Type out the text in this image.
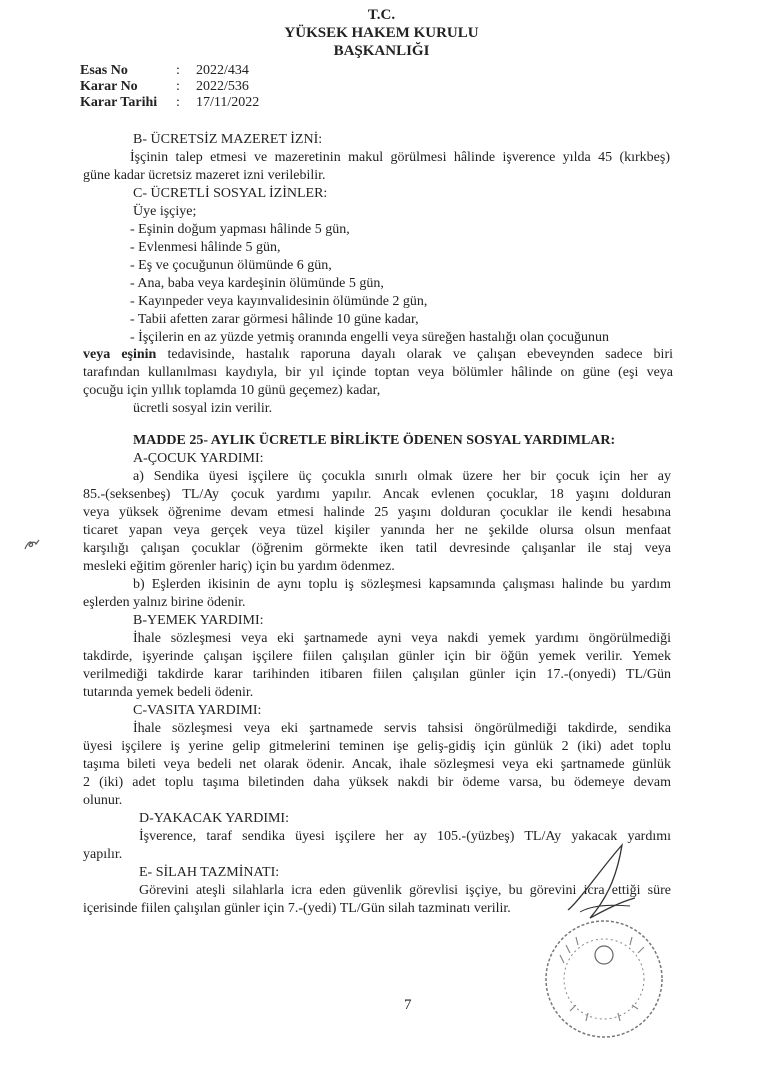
T.C.
YÜKSEK HAKEM KURULU
BAŞKANLIĞI
Esas No	: 2022/434
Karar No	: 2022/536
Karar Tarihi : 17/11/2022

B- ÜCRETSİZ MAZERET İZNİ:

İşçinin talep etmesi ve mazeretinin makul görülmesi hâlinde işverence yılda 45 (kırkbeş)

güne kadar ücretsiz mazeret izni verilebilir.

C- ÜCRETLİ SOSYAL İZİNLER:

Üye işçiye;

- Eşinin doğum yapması hâlinde 5 gün,

- Evlenmesi hâlinde 5 gün,

- Eş ve çocuğunun ölümünde 6 gün,

- Ana, baba veya kardeşinin ölümünde 5 gün,

- Kayınpeder veya kayınvalidesinin ölümünde 2 gün,

- Tabii afetten zarar görmesi hâlinde 10 güne kadar,

- İşçilerin en az yüzde yetmiş oranında engelli veya süreğen hastalığı olan çocuğunun

veya eşinin tedavisinde, hastalık raporuna dayalı olarak ve çalışan ebeveynden sadece biri

tarafından kullanılması kaydıyla, bir yıl içinde toptan veya bölümler hâlinde on güne (eşi veya

çocuğu için yıllık toplamda 10 günü geçemez) kadar,

ücretli sosyal izin verilir.

MADDE 25- AYLIK ÜCRETLE BİRLİKTE ÖDENEN SOSYAL YARDIMLAR:

A-ÇOCUK YARDIMI:

a) Sendika üyesi işçilere üç çocukla sınırlı olmak üzere her bir çocuk için her ay

85.-(seksenbeş) TL/Ay çocuk yardımı yapılır. Ancak evlenen çocuklar, 18 yaşını dolduran

veya yüksek öğrenime devam etmesi halinde 25 yaşını dolduran çocuklar ile kendi hesabına

ticaret yapan veya gerçek veya tüzel kişiler yanında her ne şekilde olursa olsun menfaat

karşılığı çalışan çocuklar (öğrenim görmekte iken tatil devresinde çalışanlar ile staj veya

mesleki eğitim görenler hariç) için bu yardım ödenmez.

b) Eşlerden ikisinin de aynı toplu iş sözleşmesi kapsamında çalışması halinde bu yardım

eşlerden yalnız birine ödenir.

B-YEMEK YARDIMI:

İhale sözleşmesi veya eki şartnamede ayni veya nakdi yemek yardımı öngörülmediği

takdirde, işyerinde çalışan işçilere fiilen çalışılan günler için bir öğün yemek verilir. Yemek

verilmediği takdirde karar tarihinden itibaren fiilen çalışılan günler için 17.-(onyedi) TL/Gün

tutarında yemek bedeli ödenir.

C-VASITA YARDIMI:

İhale sözleşmesi veya eki şartnamede servis tahsisi öngörülmediği takdirde, sendika

üyesi işçilere iş yerine gelip gitmelerini teminen işe geliş-gidiş için günlük 2 (iki) adet toplu

taşıma bileti veya bedeli net olarak ödenir. Ancak, ihale sözleşmesi veya eki şartnamede günlük

2 (iki) adet toplu taşıma biletinden daha yüksek nakdi bir ödeme varsa, bu ödemeye devam

olunur.

D-YAKACAK YARDIMI:

İşverence, taraf sendika üyesi işçilere her ay 105.-(yüzbeş) TL/Ay yakacak yardımı

yapılır.

E- SİLAH TAZMİNATI:

Görevini ateşli silahlarla icra eden güvenlik görevlisi işçiye, bu görevini icra ettiği süre

içerisinde fiilen çalışılan günler için 7.-(yedi) TL/Gün silah tazminatı verilir.

7
